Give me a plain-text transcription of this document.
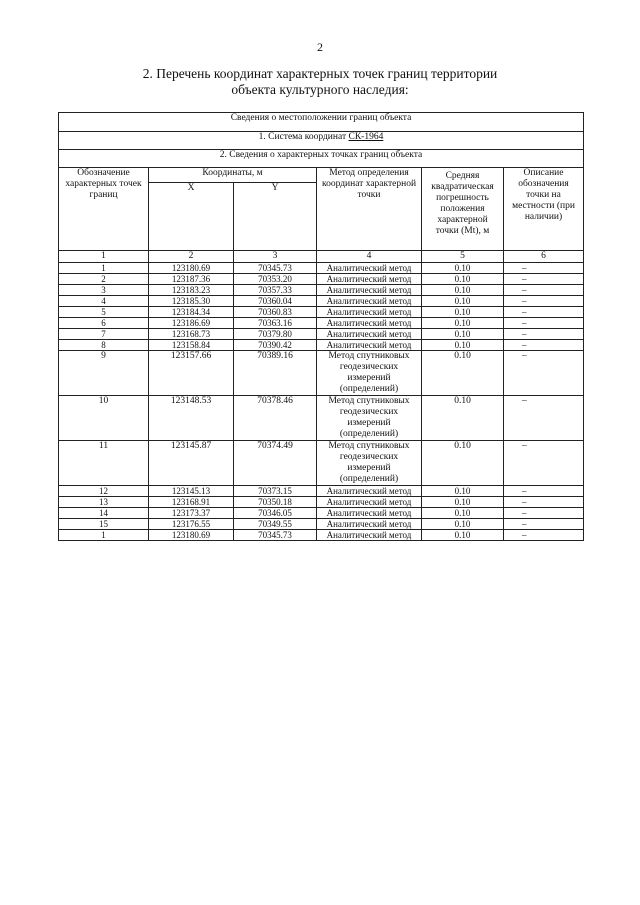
2
2. Перечень координат характерных точек границ территории
объекта культурного наследия:
Сведения о местоположении границ объекта					
1. Система координат СК-1964					
2. Сведения о характерных точках границ объекта					
Обозначение характерных точек границ	Координаты, м		Метод определения координат характерной точки	Средняя квадратическая погрешность положения характерной точки (Mt), м	Описание обозначения точки на местности (при наличии)
	X	Y			
1	2	3	4	5	6
1	123180.69	70345.73	Аналитический метод	0.10	–
2	123187.36	70353.20	Аналитический метод	0.10	–
3	123183.23	70357.33	Аналитический метод	0.10	–
4	123185.30	70360.04	Аналитический метод	0.10	–
5	123184.34	70360.83	Аналитический метод	0.10	–
6	123186.69	70363.16	Аналитический метод	0.10	–
7	123168.73	70379.80	Аналитический метод	0.10	–
8	123158.84	70390.42	Аналитический метод	0.10	–
9	123157.66	70389.16	Метод спутниковых геодезических измерений (определений)	0.10	–
10	123148.53	70378.46	Метод спутниковых геодезических измерений (определений)	0.10	–
11	123145.87	70374.49	Метод спутниковых геодезических измерений (определений)	0.10	–
12	123145.13	70373.15	Аналитический метод	0.10	–
13	123168.91	70350.18	Аналитический метод	0.10	–
14	123173.37	70346.05	Аналитический метод	0.10	–
15	123176.55	70349.55	Аналитический метод	0.10	–
1	123180.69	70345.73	Аналитический метод	0.10	–
